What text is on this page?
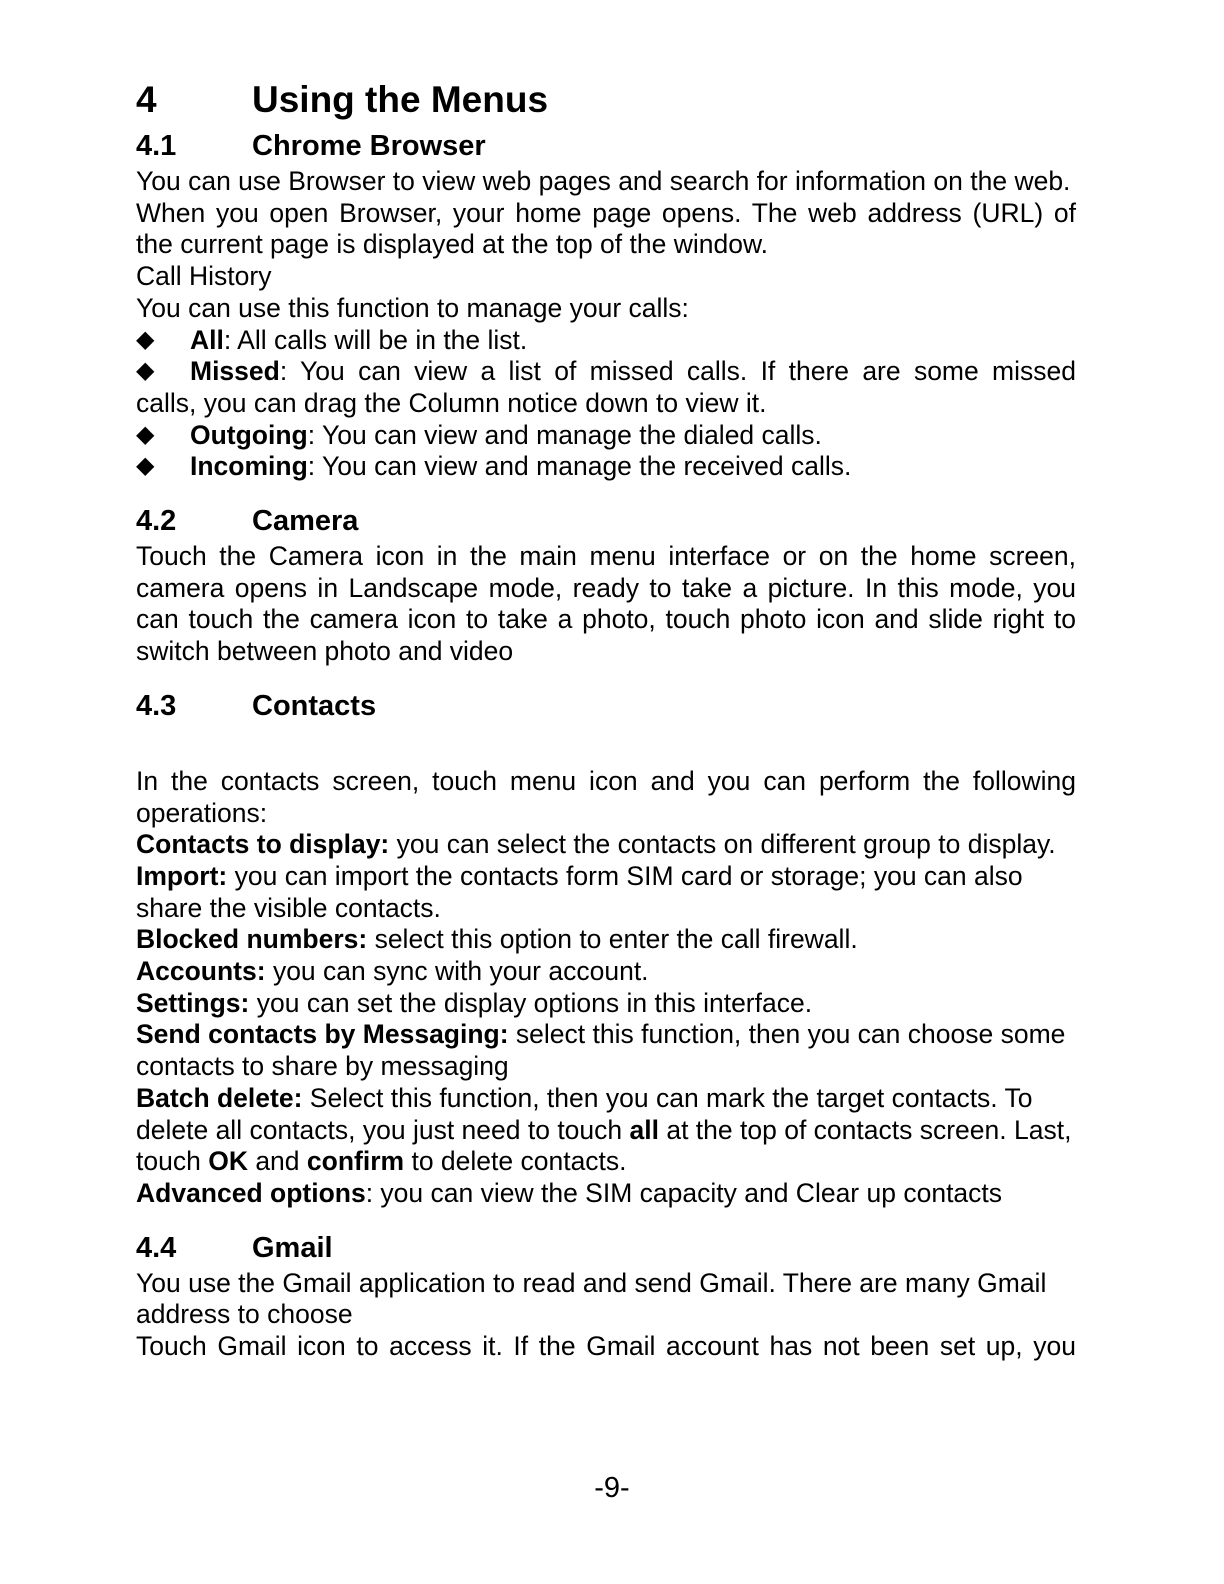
4	Using the Menus
4.1	Chrome Browser

You can use Browser to view web pages and search for information on the web.

When you open Browser, your home page opens. The web address (URL) of the current page is displayed at the top of the window.

Call History

You can use this function to manage your calls:

◆	All: All calls will be in the list.

◆	Missed: You can view a list of missed calls. If there are some missed

calls, you can drag the Column notice down to view it.

◆	Outgoing: You can view and manage the dialed calls.

◆	Incoming: You can view and manage the received calls.

4.2	Camera

Touch the Camera icon in the main menu interface or on the home screen, camera opens in Landscape mode, ready to take a picture. In this mode, you can touch the camera icon to take a photo, touch photo icon and slide right to switch between photo and video

4.3	Contacts

In the contacts screen, touch menu icon and you can perform the following operations:

Contacts to display: you can select the contacts on different group to display.

Import: you can import the contacts form SIM card or storage; you can also share the visible contacts.

Blocked numbers: select this option to enter the call firewall.

Accounts: you can sync with your account.

Settings: you can set the display options in this interface.

Send contacts by Messaging: select this function, then you can choose some contacts to share by messaging

Batch delete: Select this function, then you can mark the target contacts. To delete all contacts, you just need to touch all at the top of contacts screen. Last, touch OK and confirm to delete contacts.

Advanced options: you can view the SIM capacity and Clear up contacts

4.4	Gmail

You use the Gmail application to read and send Gmail. There are many Gmail address to choose

Touch Gmail icon to access it. If the Gmail account has not been set up, you

-9-
